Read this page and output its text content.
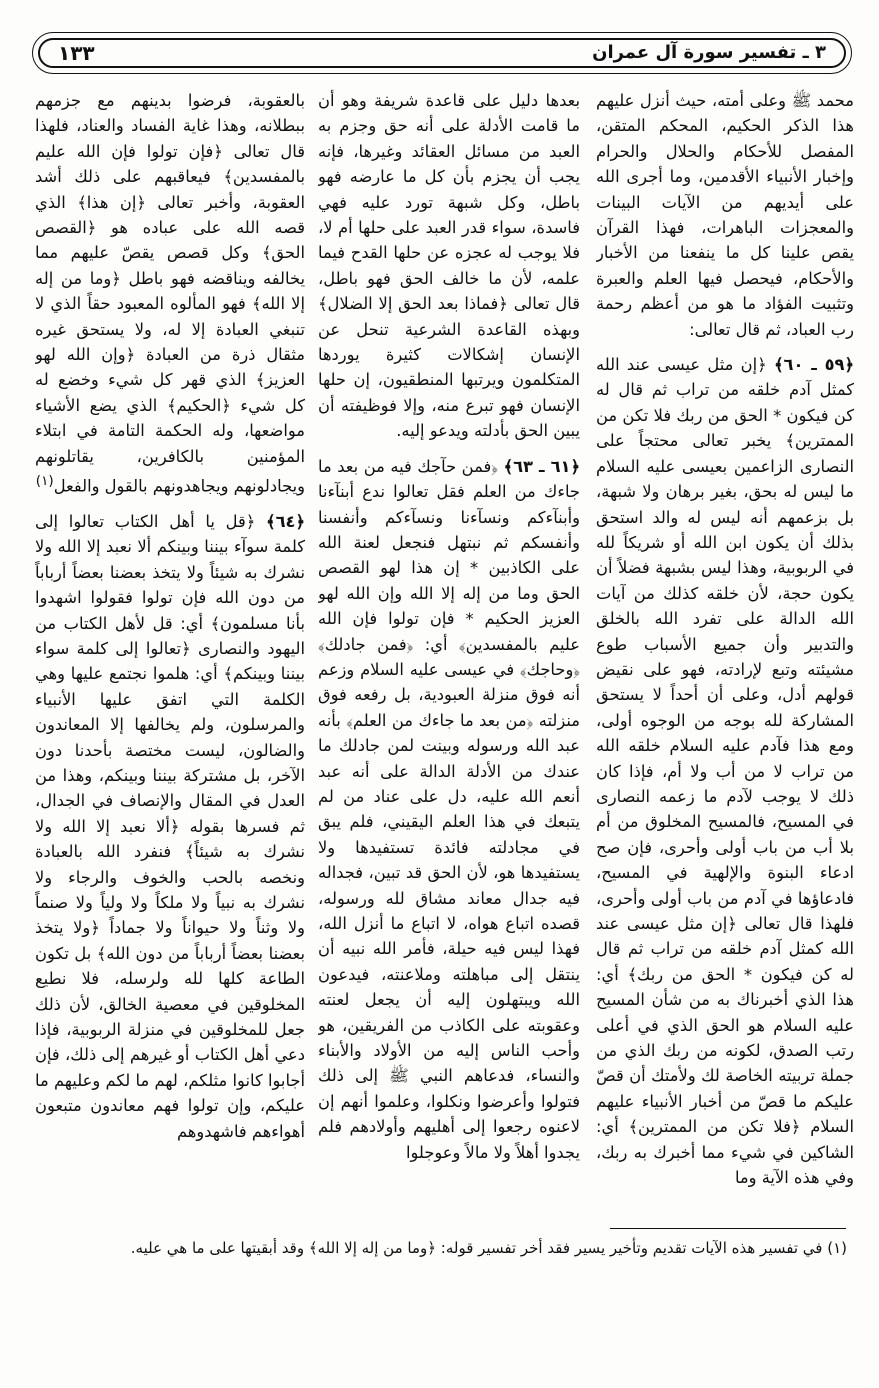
٣ ـ تفسير سورة آل عمران
١٣٣

محمد ﷺ وعلى أمته، حيث أنزل عليهم هذا الذكر الحكيم، المحكم المتقن، المفصل للأحكام والحلال والحرام وإخبار الأنبياء الأقدمين، وما أجرى الله على أيديهم من الآيات البينات والمعجزات الباهرات، فهذا القرآن يقص علينا كل ما ينفعنا من الأخبار والأحكام، فيحصل فيها العلم والعبرة وتثبيت الفؤاد ما هو من أعظم رحمة رب العباد، ثم قال تعالى:

﴿٥٩ ـ ٦٠﴾ ﴿إن مثل عيسى عند الله كمثل آدم خلقه من تراب ثم قال له كن فيكون * الحق من ربك فلا تكن من الممترين﴾ يخبر تعالى محتجاً على النصارى الزاعمين بعيسى عليه السلام ما ليس له بحق، بغير برهان ولا شبهة، بل بزعمهم أنه ليس له والد استحق بذلك أن يكون ابن الله أو شريكاً لله في الربوبية، وهذا ليس بشبهة فضلاً أن يكون حجة، لأن خلقه كذلك من آيات الله الدالة على تفرد الله بالخلق والتدبير وأن جميع الأسباب طوع مشيئته وتبع لإرادته، فهو على نقيض قولهم أدل، وعلى أن أحداً لا يستحق المشاركة لله بوجه من الوجوه أولى، ومع هذا فآدم عليه السلام خلقه الله من تراب لا من أب ولا أم، فإذا كان ذلك لا يوجب لآدم ما زعمه النصارى في المسيح، فالمسيح المخلوق من أم بلا أب من باب أولى وأحرى، فإن صح ادعاء البنوة والإلهية في المسيح، فادعاؤها في آدم من باب أولى وأحرى، فلهذا قال تعالى ﴿إن مثل عيسى عند الله كمثل آدم خلقه من تراب ثم قال له كن فيكون * الحق من ربك﴾ أي: هذا الذي أخبرناك به من شأن المسيح عليه السلام هو الحق الذي في أعلى رتب الصدق، لكونه من ربك الذي من جملة تربيته الخاصة لك ولأمتك أن قصّ عليكم ما قصّ من أخبار الأنبياء عليهم السلام ﴿فلا تكن من الممترين﴾ أي: الشاكين في شيء مما أخبرك به ربك، وفي هذه الآية وما

بعدها دليل على قاعدة شريفة وهو أن ما قامت الأدلة على أنه حق وجزم به العبد من مسائل العقائد وغيرها، فإنه يجب أن يجزم بأن كل ما عارضه فهو باطل، وكل شبهة تورد عليه فهي فاسدة، سواء قدر العبد على حلها أم لا، فلا يوجب له عجزه عن حلها القدح فيما علمه، لأن ما خالف الحق فهو باطل، قال تعالى ﴿فماذا بعد الحق إلا الضلال﴾ وبهذه القاعدة الشرعية تنحل عن الإنسان إشكالات كثيرة يوردها المتكلمون ويرتبها المنطقيون، إن حلها الإنسان فهو تبرع منه، وإلا فوظيفته أن يبين الحق بأدلته ويدعو إليه.

﴿٦١ ـ ٦٣﴾ ﴿فمن حآجك فيه من بعد ما جاءك من العلم فقل تعالوا ندع أبنآءنا وأبنآءكم ونسآءنا ونسآءكم وأنفسنا وأنفسكم ثم نبتهل فنجعل لعنة الله على الكاذبين * إن هذا لهو القصص الحق وما من إله إلا الله وإن الله لهو العزيز الحكيم * فإن تولوا فإن الله عليم بالمفسدين﴾ أي: ﴿فمن جادلك﴾ ﴿وحاجك﴾ في عيسى عليه السلام وزعم أنه فوق منزلة العبودية، بل رفعه فوق منزلته ﴿من بعد ما جاءك من العلم﴾ بأنه عبد الله ورسوله وبينت لمن جادلك ما عندك من الأدلة الدالة على أنه عبد أنعم الله عليه، دل على عناد من لم يتبعك في هذا العلم اليقيني، فلم يبق في مجادلته فائدة تستفيدها ولا يستفيدها هو، لأن الحق قد تبين، فجداله فيه جدال معاند مشاق لله ورسوله، قصده اتباع هواه، لا اتباع ما أنزل الله، فهذا ليس فيه حيلة، فأمر الله نبيه أن ينتقل إلى مباهلته وملاعنته، فيدعون الله ويبتهلون إليه أن يجعل لعنته وعقوبته على الكاذب من الفريقين، هو وأحب الناس إليه من الأولاد والأبناء والنساء، فدعاهم النبي ﷺ إلى ذلك فتولوا وأعرضوا ونكلوا، وعلموا أنهم إن لاعنوه رجعوا إلى أهليهم وأولادهم فلم يجدوا أهلاً ولا مالاً وعوجلوا

بالعقوبة، فرضوا بدينهم مع جزمهم ببطلانه، وهذا غاية الفساد والعناد، فلهذا قال تعالى ﴿فإن تولوا فإن الله عليم بالمفسدين﴾ فيعاقبهم على ذلك أشد العقوبة، وأخبر تعالى ﴿إن هذا﴾ الذي قصه الله على عباده هو ﴿القصص الحق﴾ وكل قصص يقصّ عليهم مما يخالفه ويناقضه فهو باطل ﴿وما من إله إلا الله﴾ فهو المألوه المعبود حقاً الذي لا تنبغي العبادة إلا له، ولا يستحق غيره مثقال ذرة من العبادة ﴿وإن الله لهو العزيز﴾ الذي قهر كل شيء وخضع له كل شيء ﴿الحكيم﴾ الذي يضع الأشياء مواضعها، وله الحكمة التامة في ابتلاء المؤمنين بالكافرين، يقاتلونهم ويجادلونهم ويجاهدونهم بالقول والفعل$^{(١)}$

﴿٦٤﴾ ﴿قل يا أهل الكتاب تعالوا إلى كلمة سوآء بيننا وبينكم ألا نعبد إلا الله ولا نشرك به شيئاً ولا يتخذ بعضنا بعضاً أرباباً من دون الله فإن تولوا فقولوا اشهدوا بأنا مسلمون﴾ أي: قل لأهل الكتاب من اليهود والنصارى ﴿تعالوا إلى كلمة سواء بيننا وبينكم﴾ أي: هلموا نجتمع عليها وهي الكلمة التي اتفق عليها الأنبياء والمرسلون، ولم يخالفها إلا المعاندون والضالون، ليست مختصة بأحدنا دون الآخر، بل مشتركة بيننا وبينكم، وهذا من العدل في المقال والإنصاف في الجدال، ثم فسرها بقوله ﴿ألا نعبد إلا الله ولا نشرك به شيئاً﴾ فنفرد الله بالعبادة ونخصه بالحب والخوف والرجاء ولا نشرك به نبياً ولا ملكاً ولا ولياً ولا صنماً ولا وثناً ولا حيواناً ولا جماداً ﴿ولا يتخذ بعضنا بعضاً أرباباً من دون الله﴾ بل تكون الطاعة كلها لله ولرسله، فلا نطيع المخلوقين في معصية الخالق، لأن ذلك جعل للمخلوقين في منزلة الربوبية، فإذا دعي أهل الكتاب أو غيرهم إلى ذلك، فإن أجابوا كانوا مثلكم، لهم ما لكم وعليهم ما عليكم، وإن تولوا فهم معاندون متبعون أهواءهم فاشهدوهم

(١) في تفسير هذه الآيات تقديم وتأخير يسير فقد أخر تفسير قوله: ﴿وما من إله إلا الله﴾ وقد أبقيتها على ما هي عليه.
